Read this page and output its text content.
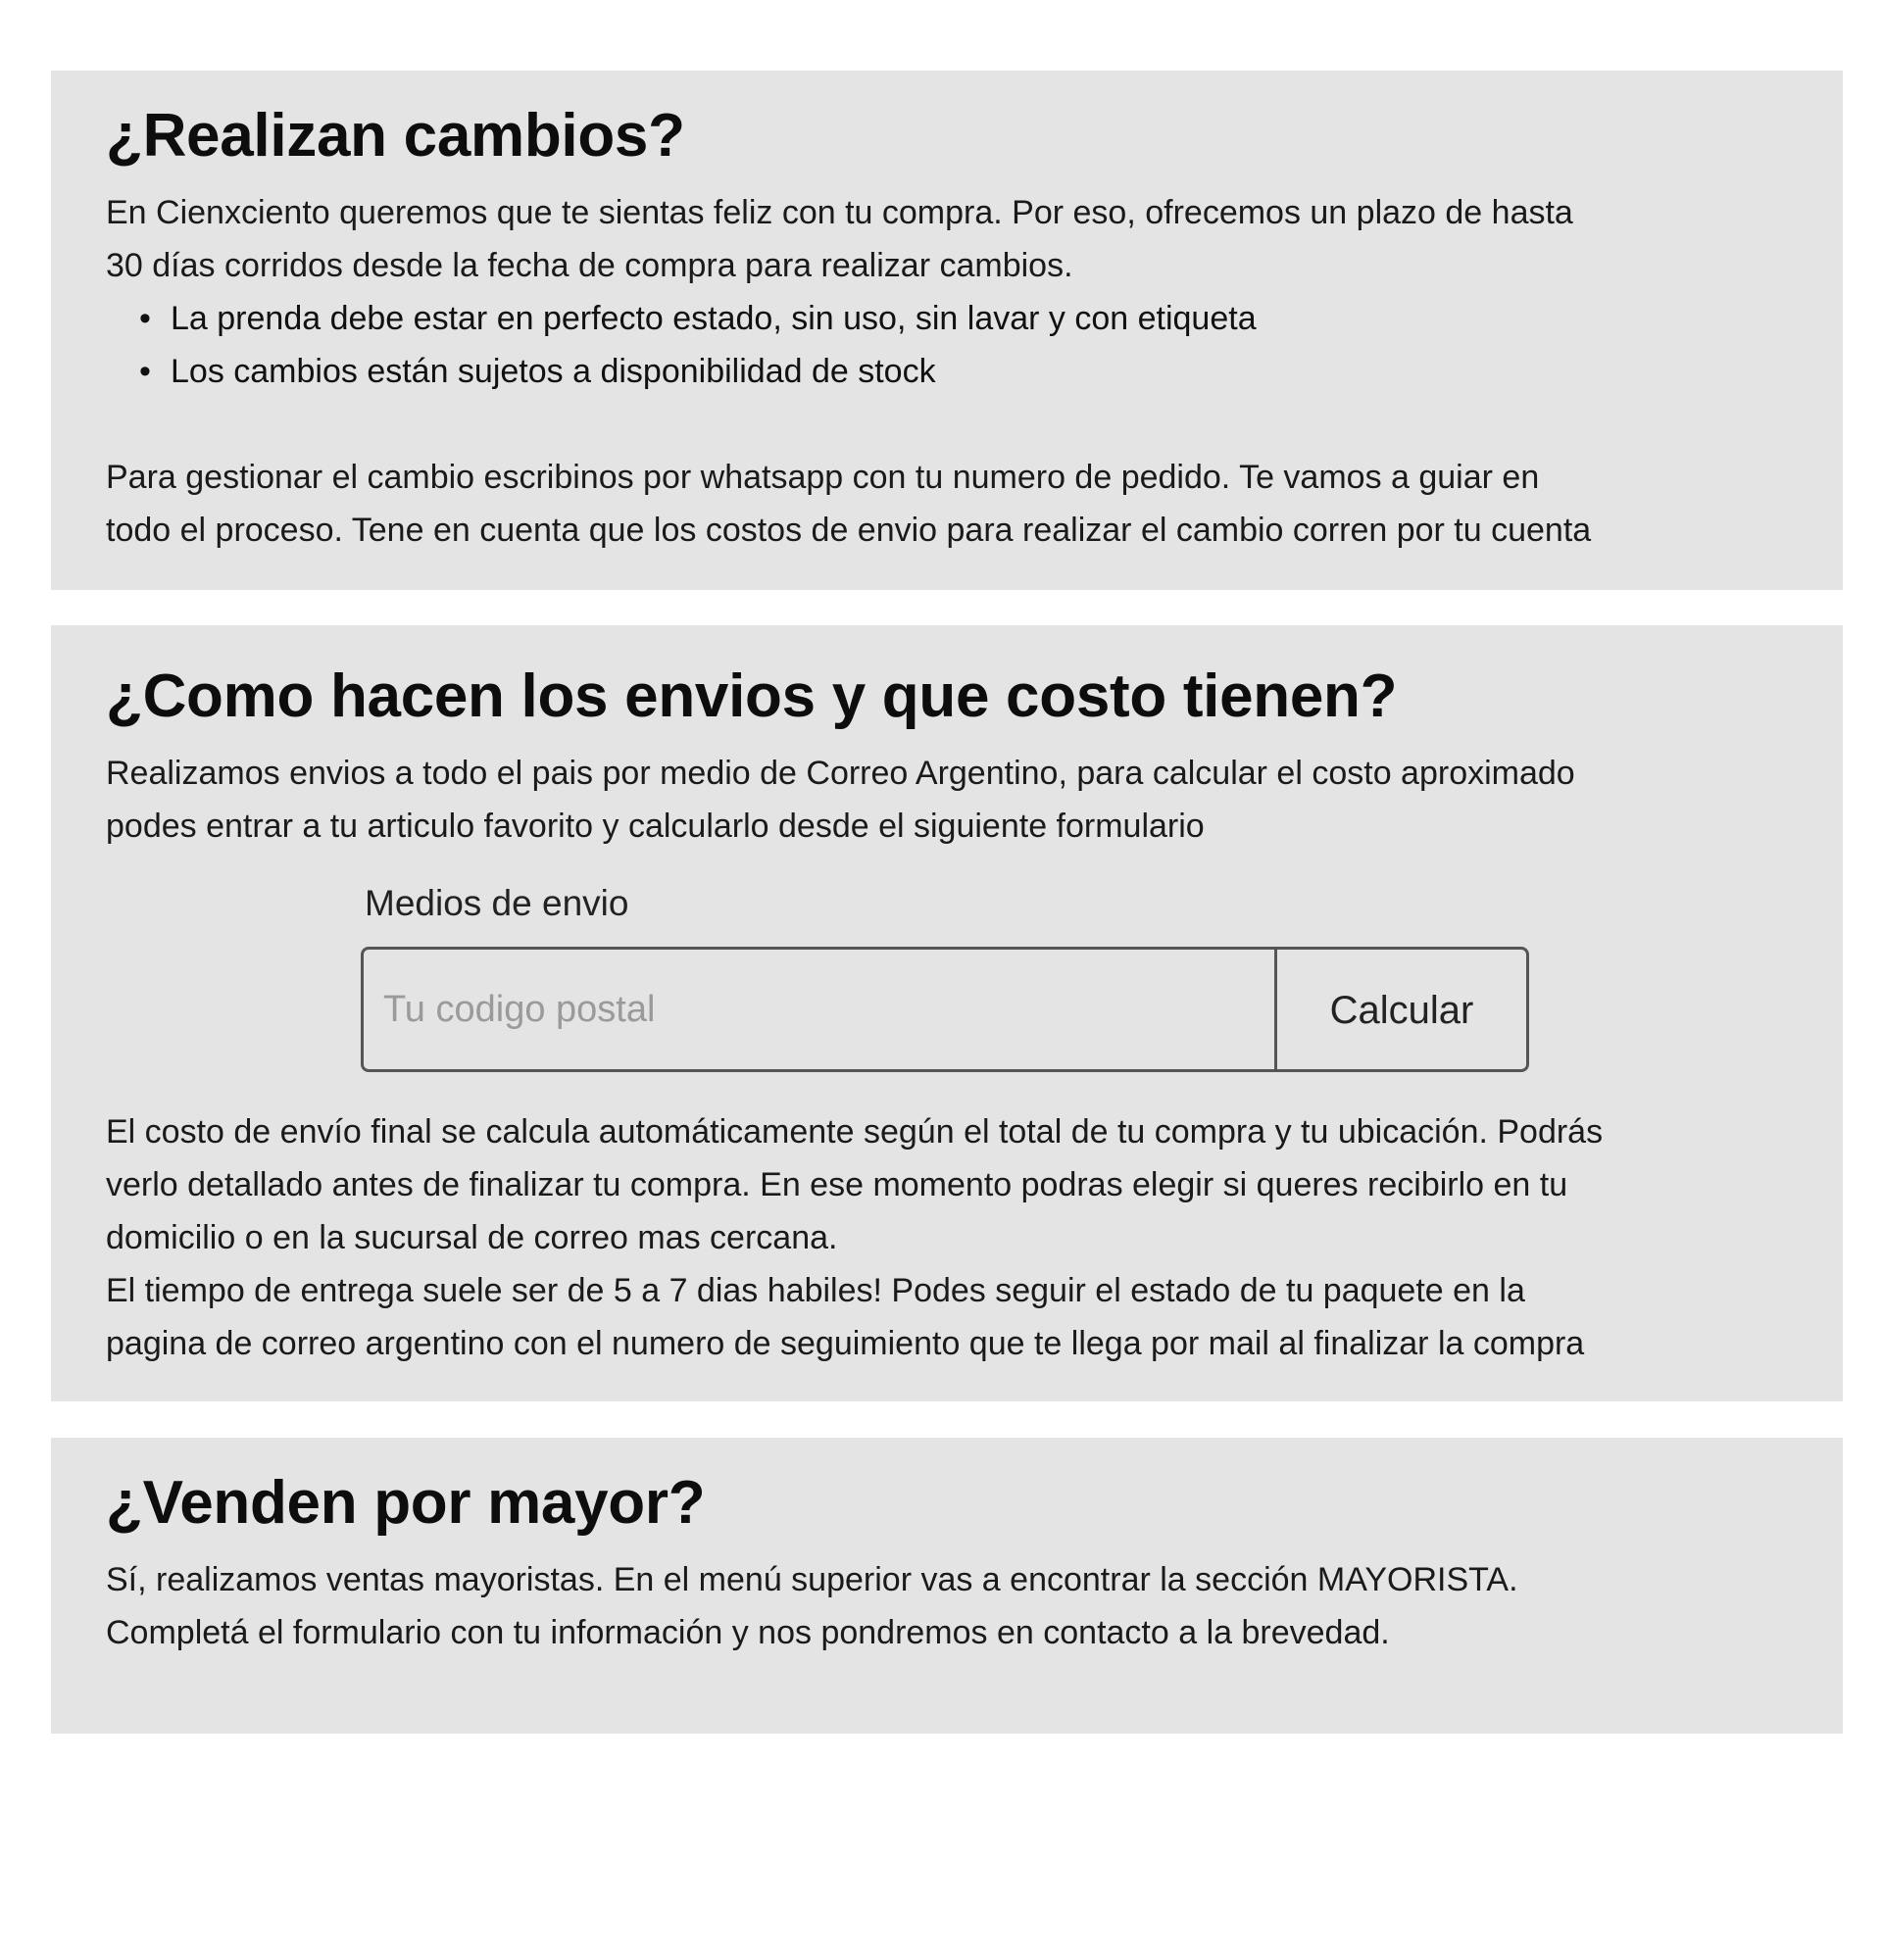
¿Realizan cambios?

En Cienxciento queremos que te sientas feliz con tu compra. Por eso, ofrecemos un plazo de hasta

30 días corridos desde la fecha de compra para realizar cambios.

• La prenda debe estar en perfecto estado, sin uso, sin lavar y con etiqueta
• Los cambios están sujetos a disponibilidad de stock

Para gestionar el cambio escribinos por whatsapp con tu numero de pedido. Te vamos a guiar en

todo el proceso. Tene en cuenta que los costos de envio para realizar el cambio corren por tu cuenta

¿Como hacen los envios y que costo tienen?

Realizamos envios a todo el pais por medio de Correo Argentino, para calcular el costo aproximado

podes entrar a tu articulo favorito y calcularlo desde el siguiente formulario

Medios de envio
Tu codigo postal
Calcular

El costo de envío final se calcula automáticamente según el total de tu compra y tu ubicación. Podrás

verlo detallado antes de finalizar tu compra. En ese momento podras elegir si queres recibirlo en tu

domicilio o en la sucursal de correo mas cercana.

El tiempo de entrega suele ser de 5 a 7 dias habiles! Podes seguir el estado de tu paquete en la

pagina de correo argentino con el numero de seguimiento que te llega por mail al finalizar la compra

¿Venden por mayor?

Sí, realizamos ventas mayoristas. En el menú superior vas a encontrar la sección MAYORISTA.

Completá el formulario con tu información y nos pondremos en contacto a la brevedad.
